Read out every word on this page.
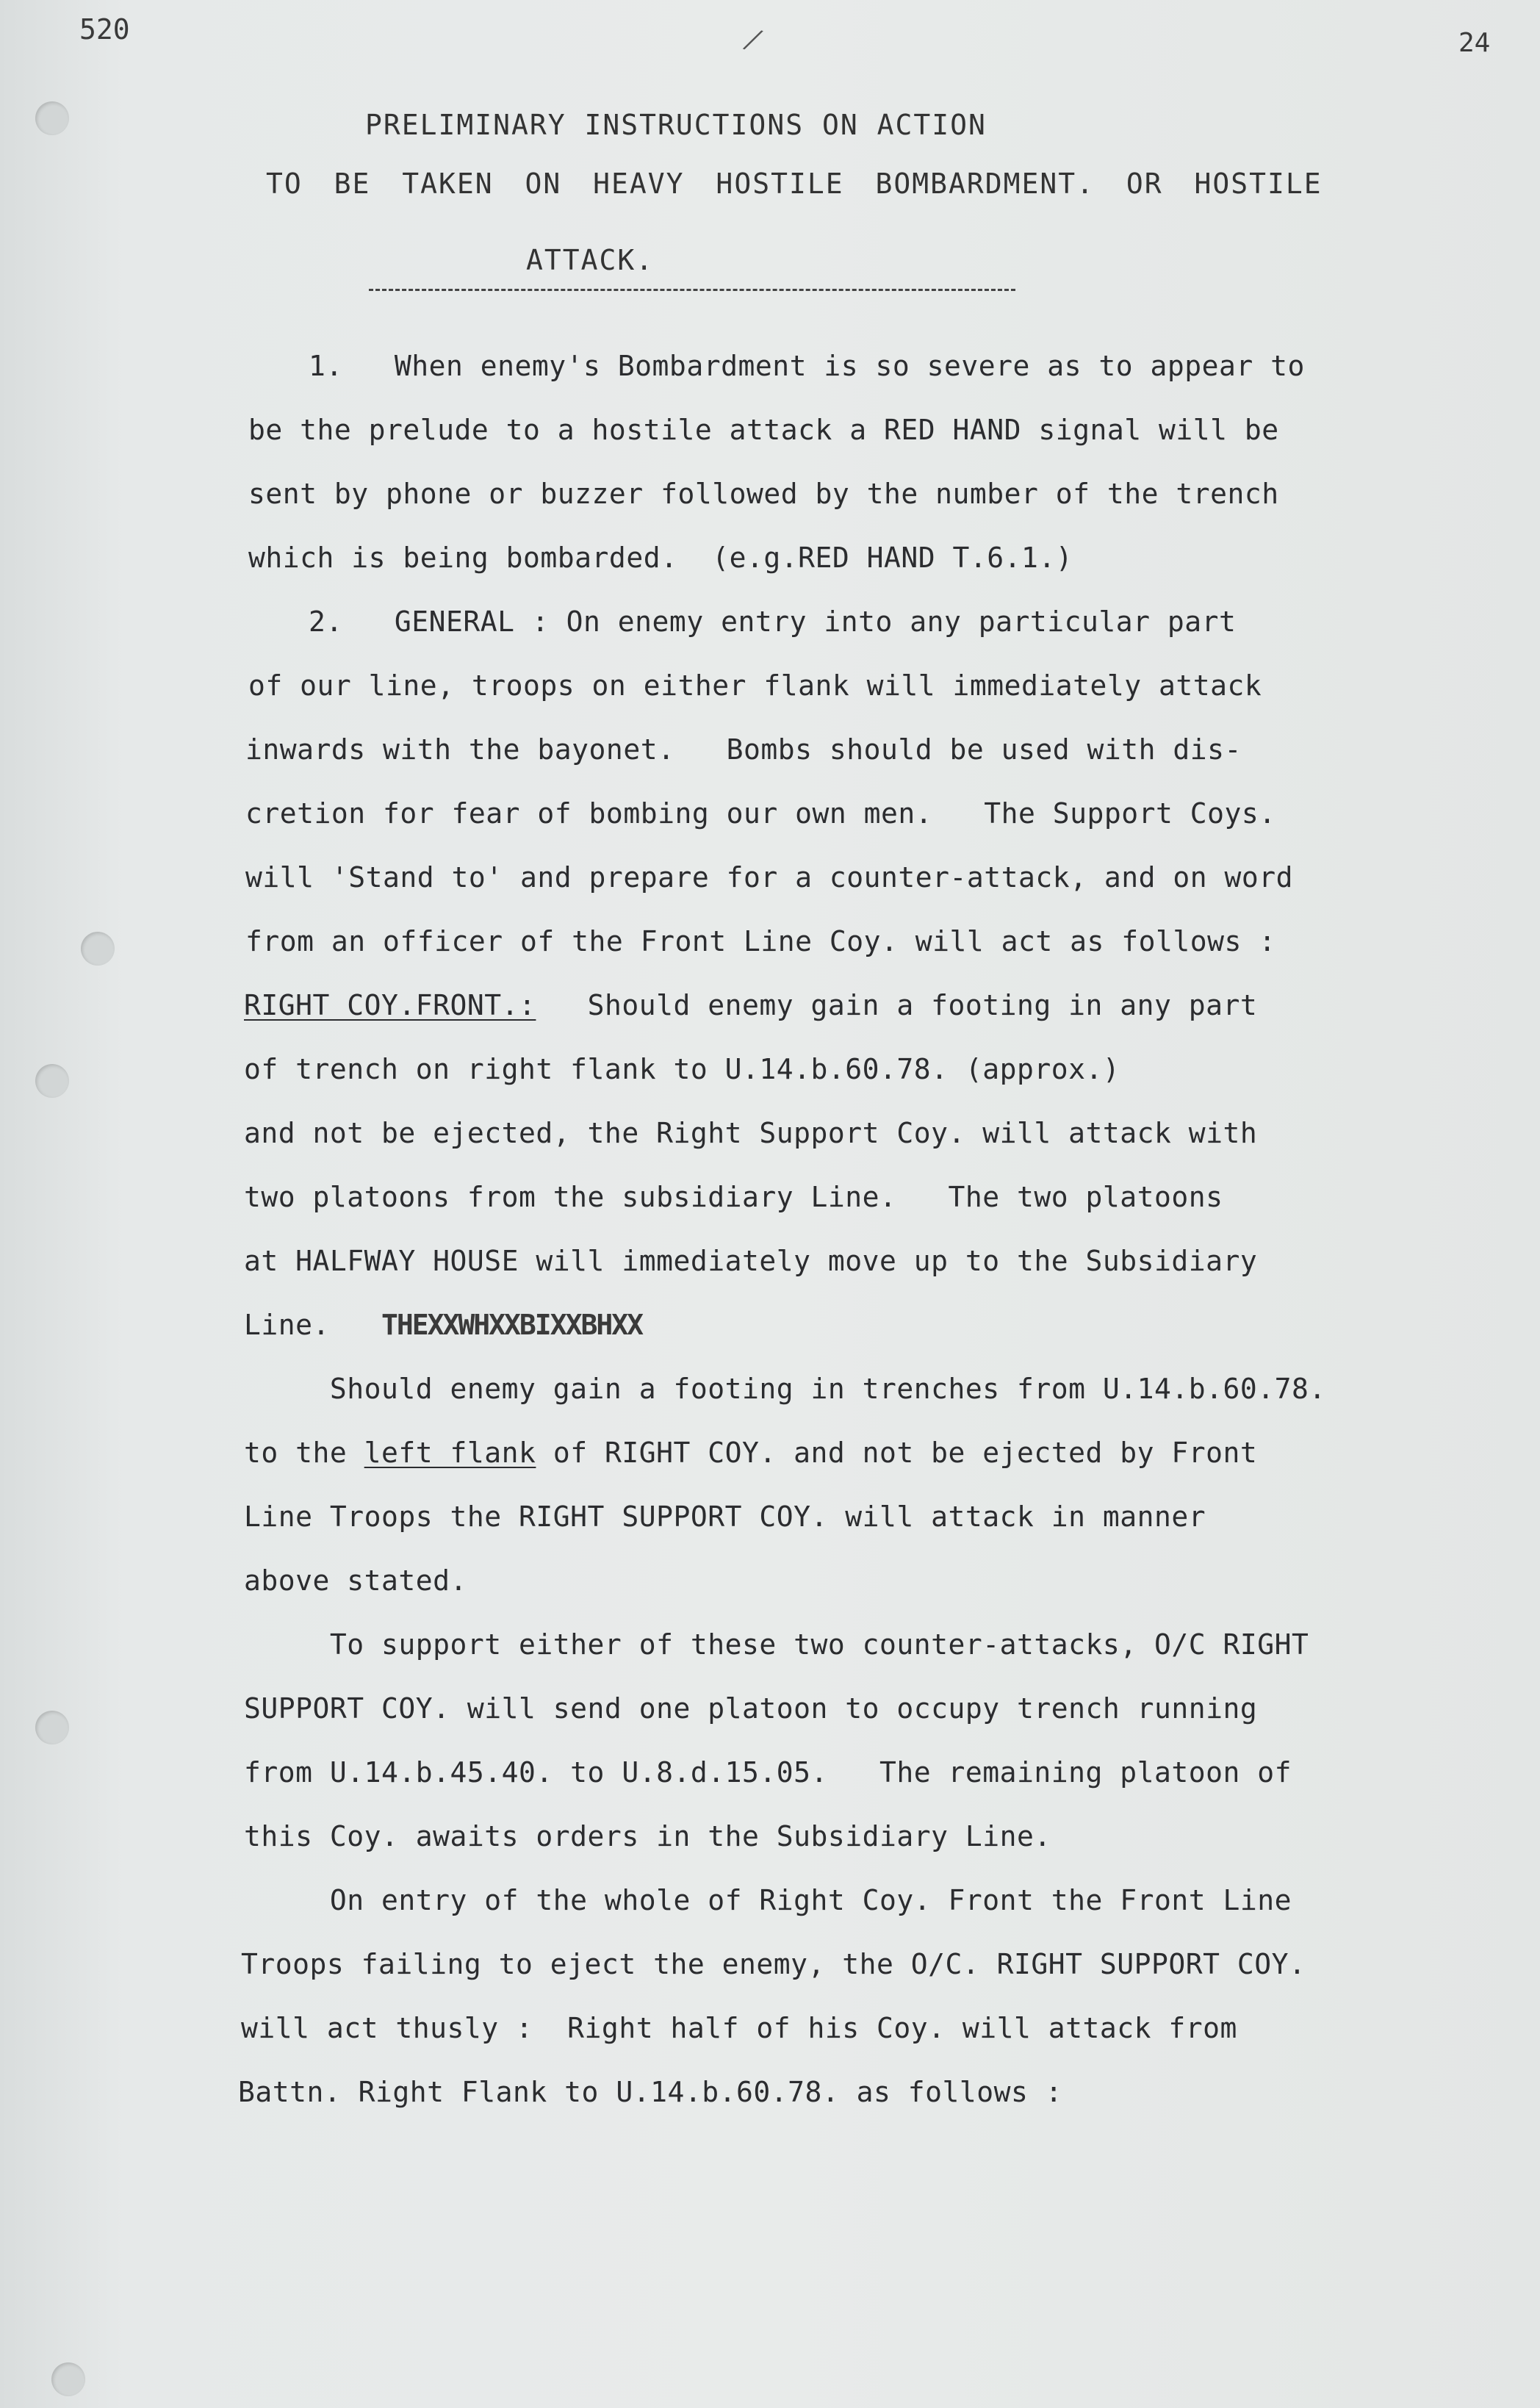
520	⁄	24
PRELIMINARY INSTRUCTIONS ON ACTION
TO BE TAKEN ON HEAVY HOSTILE BOMBARDMENT. OR HOSTILE
ATTACK.
1.   When enemy's Bombardment is so severe as to appear to
be the prelude to a hostile attack a RED HAND signal will be
sent by phone or buzzer followed by the number of the trench
which is being bombarded.  (e.g.RED HAND T.6.1.)
2.   GENERAL : On enemy entry into any particular part
of our line, troops on either flank will immediately attack
inwards with the bayonet.   Bombs should be used with dis-
cretion for fear of bombing our own men.   The Support Coys.
will 'Stand to' and prepare for a counter-attack, and on word
from an officer of the Front Line Coy. will act as follows :
RIGHT COY.FRONT.:   Should enemy gain a footing in any part
of trench on right flank to U.14.b.60.78. (approx.)
and not be ejected, the Right Support Coy. will attack with
two platoons from the subsidiary Line.   The two platoons
at HALFWAY HOUSE will immediately move up to the Subsidiary
Line.   THEXXWHXXBIXXBHXX
Should enemy gain a footing in trenches from U.14.b.60.78.
to the left flank of RIGHT COY. and not be ejected by Front
Line Troops the RIGHT SUPPORT COY. will attack in manner
above stated.
To support either of these two counter-attacks, O/C RIGHT
SUPPORT COY. will send one platoon to occupy trench running
from U.14.b.45.40. to U.8.d.15.05.   The remaining platoon of
this Coy. awaits orders in the Subsidiary Line.
On entry of the whole of Right Coy. Front the Front Line
Troops failing to eject the enemy, the O/C. RIGHT SUPPORT COY.
will act thusly :  Right half of his Coy. will attack from
Battn. Right Flank to U.14.b.60.78. as follows :
